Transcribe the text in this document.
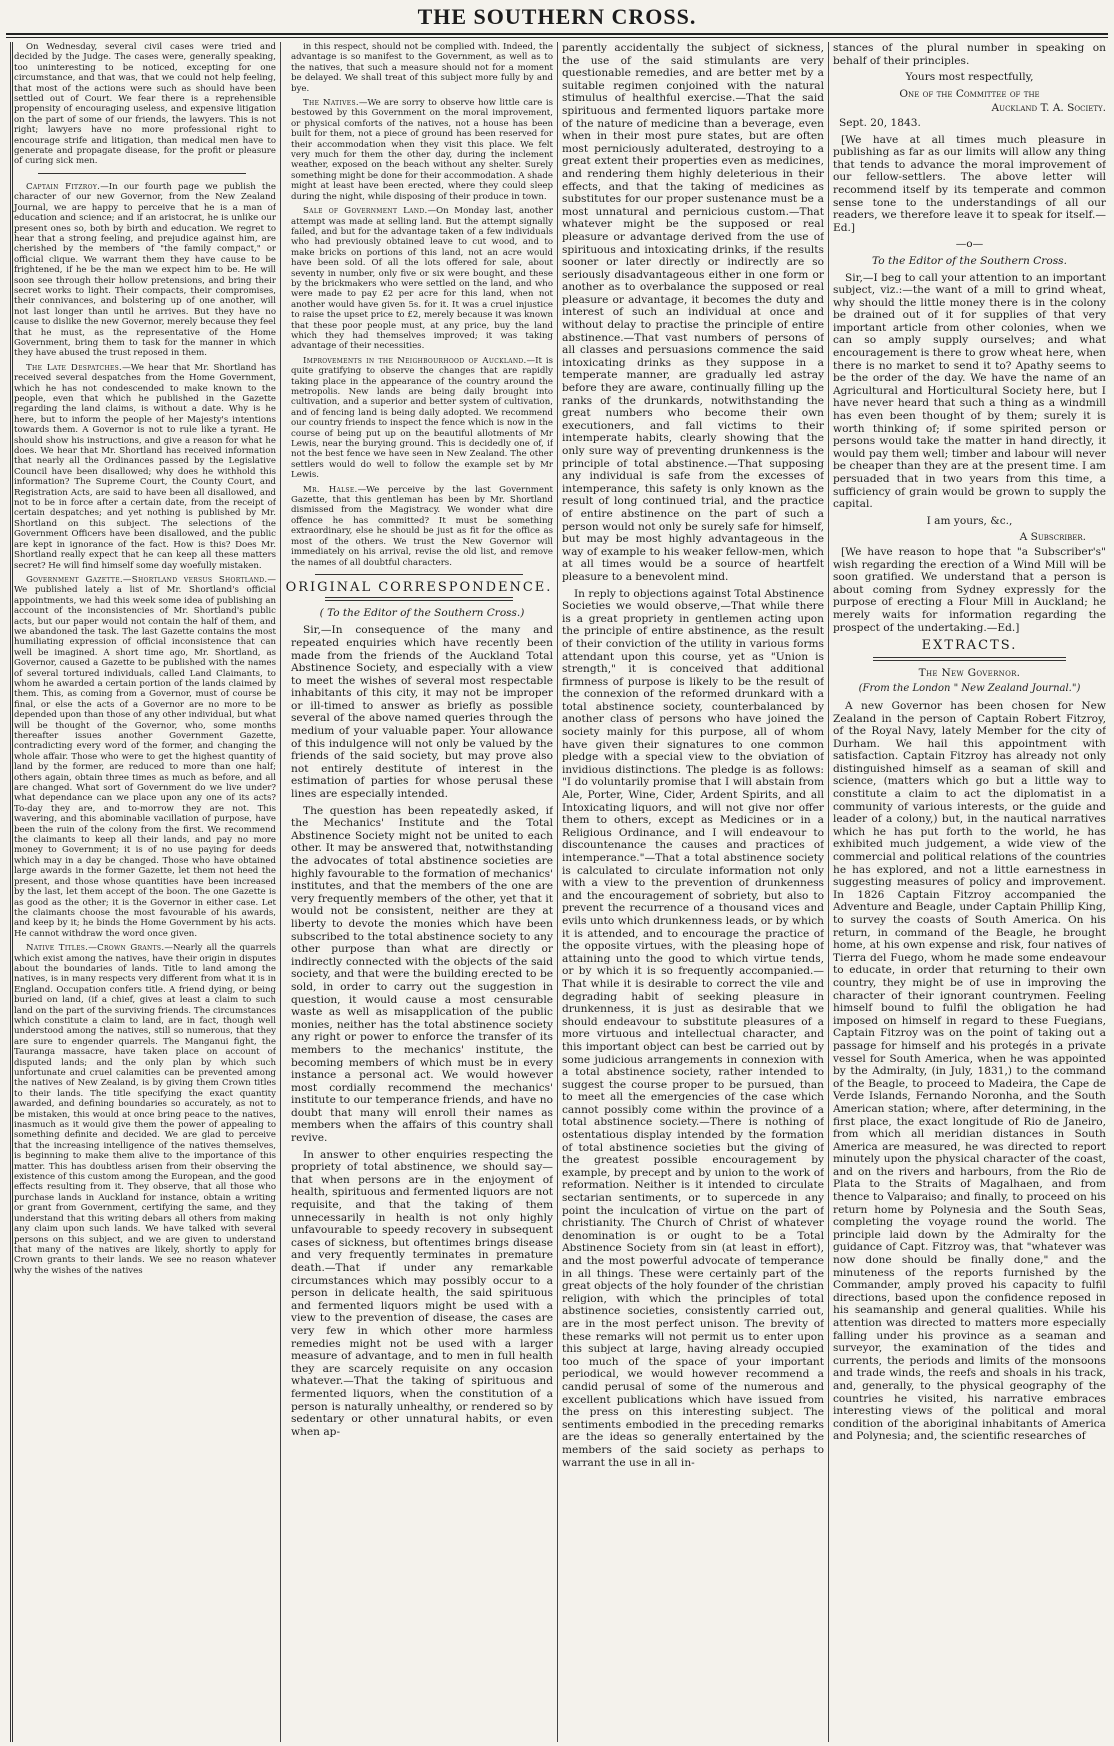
THE SOUTHERN CROSS.

On Wednesday, several civil cases were tried and decided by the Judge. The cases were, generally speaking, too uninteresting to be noticed, excepting for one circumstance, and that was, that we could not help feeling, that most of the actions were such as should have been settled out of Court. We fear there is a reprehensible propensity of encouraging useless, and expensive litigation on the part of some of our friends, the lawyers. This is not right; lawyers have no more professional right to encourage strife and litigation, than medical men have to generate and propagate disease, for the profit or pleasure of curing sick men.

Captain Fitzroy.—In our fourth page we publish the character of our new Governor, from the New Zealand Journal, we are happy to perceive that he is a man of education and science; and if an aristocrat, he is unlike our present ones so, both by birth and education. We regret to hear that a strong feeling, and prejudice against him, are cherished by the members of "the family compact," or official clique. We warrant them they have cause to be frightened, if he be the man we expect him to be. He will soon see through their hollow pretensions, and bring their secret works to light. Their compacts, their compromises, their connivances, and bolstering up of one another, will not last longer than until he arrives. But they have no cause to dislike the new Governor, merely because they feel that he must, as the representative of the Home Government, bring them to task for the manner in which they have abused the trust reposed in them.

The Late Despatches.—We hear that Mr. Shortland has received several despatches from the Home Government, which he has not condescended to make known to the people, even that which he published in the Gazette regarding the land claims, is without a date. Why is he here, but to inform the people of her Majesty's intentions towards them. A Governor is not to rule like a tyrant. He should show his instructions, and give a reason for what he does. We hear that Mr. Shortland has received information that nearly all the Ordinances passed by the Legislative Council have been disallowed; why does he withhold this information? The Supreme Court, the County Court, and Registration Acts, are said to have been all disallowed, and not to be in force after a certain date, from the receipt of certain despatches; and yet nothing is published by Mr. Shortland on this subject. The selections of the Government Officers have been disallowed, and the public are kept in ignorance of the fact. How is this? Does Mr. Shortland really expect that he can keep all these matters secret? He will find himself some day woefully mistaken.

Government Gazette.—Shortland versus Shortland.—We published lately a list of Mr. Shortland's official appointments, we had this week some idea of publishing an account of the inconsistencies of Mr. Shortland's public acts, but our paper would not contain the half of them, and we abandoned the task. The last Gazette contains the most humiliating expression of official inconsistence that can well be imagined. A short time ago, Mr. Shortland, as Governor, caused a Gazette to be published with the names of several tortured individuals, called Land Claimants, to whom he awarded a certain portion of the lands claimed by them. This, as coming from a Governor, must of course be final, or else the acts of a Governor are no more to be depended upon than those of any other individual, but what will be thought of the Governor, who, some months thereafter issues another Government Gazette, contradicting every word of the former, and changing the whole affair. Those who were to get the highest quantity of land by the former, are reduced to more than one half; others again, obtain three times as much as before, and all are changed. What sort of Government do we live under? what dependance can we place upon any one of its acts? To-day they are, and to-morrow they are not. This wavering, and this abominable vacillation of purpose, have been the ruin of the colony from the first. We recommend the claimants to keep all their lands, and pay no more money to Government; it is of no use paying for deeds which may in a day be changed. Those who have obtained large awards in the former Gazette, let them not heed the present, and those whose quantities have been increased by the last, let them accept of the boon. The one Gazette is as good as the other; it is the Governor in either case. Let the claimants choose the most favourable of his awards, and keep by it; he binds the Home Government by his acts. He cannot withdraw the word once given.

Native Titles.—Crown Grants.—Nearly all the quarrels which exist among the natives, have their origin in disputes about the boundaries of lands. Title to land among the natives, is in many respects very different from what it is in England. Occupation confers title. A friend dying, or being buried on land, (if a chief, gives at least a claim to such land on the part of the surviving friends. The circumstances which constitute a claim to land, are in fact, though well understood among the natives, still so numerous, that they are sure to engender quarrels. The Manganui fight, the Tauranga massacre, have taken place on account of disputed lands; and the only plan by which such unfortunate and cruel calamities can be prevented among the natives of New Zealand, is by giving them Crown titles to their lands. The title specifying the exact quantity awarded, and defining boundaries so accurately, as not to be mistaken, this would at once bring peace to the natives, inasmuch as it would give them the power of appealing to something definite and decided. We are glad to perceive that the increasing intelligence of the natives themselves, is beginning to make them alive to the importance of this matter. This has doubtless arisen from their observing the existence of this custom among the European, and the good effects resulting from it. They observe, that all those who purchase lands in Auckland for instance, obtain a writing or grant from Government, certifying the same, and they understand that this writing debars all others from making any claim upon such lands. We have talked with several persons on this subject, and we are given to understand that many of the natives are likely, shortly to apply for Crown grants to their lands. We see no reason whatever why the wishes of the natives

in this respect, should not be complied with. Indeed, the advantage is so manifest to the Government, as well as to the natives, that such a measure should not for a moment be delayed. We shall treat of this subject more fully by and bye.

The Natives.—We are sorry to observe how little care is bestowed by this Government on the moral improvement, or physical comforts of the natives, not a house has been built for them, not a piece of ground has been reserved for their accommodation when they visit this place. We felt very much for them the other day, during the inclement weather, exposed on the beach without any shelter. Surely something might be done for their accommodation. A shade might at least have been erected, where they could sleep during the night, while disposing of their produce in town.

Sale of Government Land.—On Monday last, another attempt was made at selling land. But the attempt signally failed, and but for the advantage taken of a few individuals who had previously obtained leave to cut wood, and to make bricks on portions of this land, not an acre would have been sold. Of all the lots offered for sale, about seventy in number, only five or six were bought, and these by the brickmakers who were settled on the land, and who were made to pay £2 per acre for this land, when not another would have given 5s. for it. It was a cruel injustice to raise the upset price to £2, merely because it was known that these poor people must, at any price, buy the land which they had themselves improved; it was taking advantage of their necessities.

Improvements in the Neighbourhood of Auckland.—It is quite gratifying to observe the changes that are rapidly taking place in the appearance of the country around the metropolis. New lands are being daily brought into cultivation, and a superior and better system of cultivation, and of fencing land is being daily adopted. We recommend our country friends to inspect the fence which is now in the course of being put up on the beautiful allotments of Mr Lewis, near the burying ground. This is decidedly one of, if not the best fence we have seen in New Zealand. The other settlers would do well to follow the example set by Mr Lewis.

Mr. Halse.—We perceive by the last Government Gazette, that this gentleman has been by Mr. Shortland dismissed from the Magistracy. We wonder what dire offence he has committed? It must be something extraordinary, else he should be just as fit for the office as most of the others. We trust the New Governor will immediately on his arrival, revise the old list, and remove the names of all doubtful characters.

ORIGINAL CORRESPONDENCE.

( To the Editor of the Southern Cross.)

Sir,—In consequence of the many and repeated enquiries which have recently been made from the friends of the Auckland Total Abstinence Society, and especially with a view to meet the wishes of several most respectable inhabitants of this city, it may not be improper or ill-timed to answer as briefly as possible several of the above named queries through the medium of your valuable paper. Your allowance of this indulgence will not only be valued by the friends of the said society, but may prove also not entirely destitute of interest in the estimation of parties for whose perusal these lines are especially intended.

The question has been repeatedly asked, if the Mechanics' Institute and the Total Abstinence Society might not be united to each other. It may be answered that, notwithstanding the advocates of total abstinence societies are highly favourable to the formation of mechanics' institutes, and that the members of the one are very frequently members of the other, yet that it would not be consistent, neither are they at liberty to devote the monies which have been subscribed to the total abstinence society to any other purpose than what are directly or indirectly connected with the objects of the said society, and that were the building erected to be sold, in order to carry out the suggestion in question, it would cause a most censurable waste as well as misapplication of the public monies, neither has the total abstinence society any right or power to enforce the transfer of its members to the mechanics' institute, the becoming members of which must be in every instance a personal act. We would however most cordially recommend the mechanics' institute to our temperance friends, and have no doubt that many will enroll their names as members when the affairs of this country shall revive.

In answer to other enquiries respecting the propriety of total abstinence, we should say—that when persons are in the enjoyment of health, spirituous and fermented liquors are not requisite, and that the taking of them unnecessarily in health is not only highly unfavourable to speedy recovery in subsequent cases of sickness, but oftentimes brings disease and very frequently terminates in premature death.—That if under any remarkable circumstances which may possibly occur to a person in delicate health, the said spirituous and fermented liquors might be used with a view to the prevention of disease, the cases are very few in which other more harmless remedies might not be used with a larger measure of advantage, and to men in full health they are scarcely requisite on any occasion whatever.—That the taking of spirituous and fermented liquors, when the constitution of a person is naturally unhealthy, or rendered so by sedentary or other unnatural habits, or even when ap-

parently accidentally the subject of sickness, the use of the said stimulants are very questionable remedies, and are better met by a suitable regimen conjoined with the natural stimulus of healthful exercise.—That the said spirituous and fermented liquors partake more of the nature of medicine than a beverage, even when in their most pure states, but are often most perniciously adulterated, destroying to a great extent their properties even as medicines, and rendering them highly deleterious in their effects, and that the taking of medicines as substitutes for our proper sustenance must be a most unnatural and pernicious custom.—That whatever might be the supposed or real pleasure or advantage derived from the use of spirituous and intoxicating drinks, if the results sooner or later directly or indirectly are so seriously disadvantageous either in one form or another as to overbalance the supposed or real pleasure or advantage, it becomes the duty and interest of such an individual at once and without delay to practise the principle of entire abstinence.—That vast numbers of persons of all classes and persuasions commence the said intoxicating drinks as they suppose in a temperate manner, are gradually led astray before they are aware, continually filling up the ranks of the drunkards, notwithstanding the great numbers who become their own executioners, and fall victims to their intemperate habits, clearly showing that the only sure way of preventing drunkenness is the principle of total abstinence.—That supposing any individual is safe from the excesses of intemperance, this safety is only known as the result of long continued trial, and the practice of entire abstinence on the part of such a person would not only be surely safe for himself, but may be most highly advantageous in the way of example to his weaker fellow-men, which at all times would be a source of heartfelt pleasure to a benevolent mind.

In reply to objections against Total Abstinence Societies we would observe,—That while there is a great propriety in gentlemen acting upon the principle of entire abstinence, as the result of their conviction of the utility in various forms attendant upon this course, yet as "Union is strength," it is conceived that additional firmness of purpose is likely to be the result of the connexion of the reformed drunkard with a total abstinence society, counterbalanced by another class of persons who have joined the society mainly for this purpose, all of whom have given their signatures to one common pledge with a special view to the obviation of invidious distinctions. The pledge is as follows: "I do voluntarily promise that I will abstain from Ale, Porter, Wine, Cider, Ardent Spirits, and all Intoxicating liquors, and will not give nor offer them to others, except as Medicines or in a Religious Ordinance, and I will endeavour to discountenance the causes and practices of intemperance."—That a total abstinence society is calculated to circulate information not only with a view to the prevention of drunkenness and the encouragement of sobriety, but also to prevent the recurrence of a thousand vices and evils unto which drunkenness leads, or by which it is attended, and to encourage the practice of the opposite virtues, with the pleasing hope of attaining unto the good to which virtue tends, or by which it is so frequently accompanied.—That while it is desirable to correct the vile and degrading habit of seeking pleasure in drunkenness, it is just as desirable that we should endeavour to substitute pleasures of a more virtuous and intellectual character, and this important object can best be carried out by some judicious arrangements in connexion with a total abstinence society, rather intended to suggest the course proper to be pursued, than to meet all the emergencies of the case which cannot possibly come within the province of a total abstinence society.—There is nothing of ostentatious display intended by the formation of total abstinence societies but the giving of the greatest possible encouragement by example, by precept and by union to the work of reformation. Neither is it intended to circulate sectarian sentiments, or to supercede in any point the inculcation of virtue on the part of christianity. The Church of Christ of whatever denomination is or ought to be a Total Abstinence Society from sin (at least in effort), and the most powerful advocate of temperance in all things. These were certainly part of the great objects of the holy founder of the christian religion, with which the principles of total abstinence societies, consistently carried out, are in the most perfect unison. The brevity of these remarks will not permit us to enter upon this subject at large, having already occupied too much of the space of your important periodical, we would however recommend a candid perusal of some of the numerous and excellent publications which have issued from the press on this interesting subject. The sentiments embodied in the preceding remarks are the ideas so generally entertained by the members of the said society as perhaps to warrant the use in all in-

stances of the plural number in speaking on behalf of their principles.

Yours most respectfully,

One of the Committee of the

Auckland T. A. Society.

Sept. 20, 1843.

[We have at all times much pleasure in publishing as far as our limits will allow any thing that tends to advance the moral improvement of our fellow-settlers. The above letter will recommend itself by its temperate and common sense tone to the understandings of all our readers, we therefore leave it to speak for itself.—Ed.]

—o—

To the Editor of the Southern Cross.

Sir,—I beg to call your attention to an important subject, viz.:—the want of a mill to grind wheat, why should the little money there is in the colony be drained out of it for supplies of that very important article from other colonies, when we can so amply supply ourselves; and what encouragement is there to grow wheat here, when there is no market to send it to? Apathy seems to be the order of the day. We have the name of an Agricultural and Horticultural Society here, but I have never heard that such a thing as a windmill has even been thought of by them; surely it is worth thinking of; if some spirited person or persons would take the matter in hand directly, it would pay them well; timber and labour will never be cheaper than they are at the present time. I am persuaded that in two years from this time, a sufficiency of grain would be grown to supply the capital.

I am yours, &c.,

A Subscriber.

[We have reason to hope that "a Subscriber's" wish regarding the erection of a Wind Mill will be soon gratified. We understand that a person is about coming from Sydney expressly for the purpose of erecting a Flour Mill in Auckland; he merely waits for information regarding the prospect of the undertaking.—Ed.]

EXTRACTS.

The New Governor.

(From the London " New Zealand Journal.")

A new Governor has been chosen for New Zealand in the person of Captain Robert Fitzroy, of the Royal Navy, lately Member for the city of Durham. We hail this appointment with satisfaction. Captain Fitzroy has already not only distinguished himself as a seaman of skill and science, (matters which go but a little way to constitute a claim to act the diplomatist in a community of various interests, or the guide and leader of a colony,) but, in the nautical narratives which he has put forth to the world, he has exhibited much judgement, a wide view of the commercial and political relations of the countries he has explored, and not a little earnestness in suggesting measures of policy and improvement. In 1826 Captain Fitzroy accompanied the Adventure and Beagle, under Captain Phillip King, to survey the coasts of South America. On his return, in command of the Beagle, he brought home, at his own expense and risk, four natives of Tierra del Fuego, whom he made some endeavour to educate, in order that returning to their own country, they might be of use in improving the character of their ignorant countrymen. Feeling himself bound to fulfil the obligation he had imposed on himself in regard to these Fuegians, Captain Fitzroy was on the point of taking out a passage for himself and his protegés in a private vessel for South America, when he was appointed by the Admiralty, (in July, 1831,) to the command of the Beagle, to proceed to Madeira, the Cape de Verde Islands, Fernando Noronha, and the South American station; where, after determining, in the first place, the exact longitude of Rio de Janeiro, from which all meridian distances in South America are measured, he was directed to report minutely upon the physical character of the coast, and on the rivers and harbours, from the Rio de Plata to the Straits of Magalhaen, and from thence to Valparaiso; and finally, to proceed on his return home by Polynesia and the South Seas, completing the voyage round the world. The principle laid down by the Admiralty for the guidance of Capt. Fitzroy was, that "whatever was now done should be finally done," and the minuteness of the reports furnished by the Commander, amply proved his capacity to fulfil directions, based upon the confidence reposed in his seamanship and general qualities. While his attention was directed to matters more especially falling under his province as a seaman and surveyor, the examination of the tides and currents, the periods and limits of the monsoons and trade winds, the reefs and shoals in his track, and, generally, to the physical geography of the countries he visited, his narrative embraces interesting views of the political and moral condition of the aboriginal inhabitants of America and Polynesia; and, the scientific researches of
